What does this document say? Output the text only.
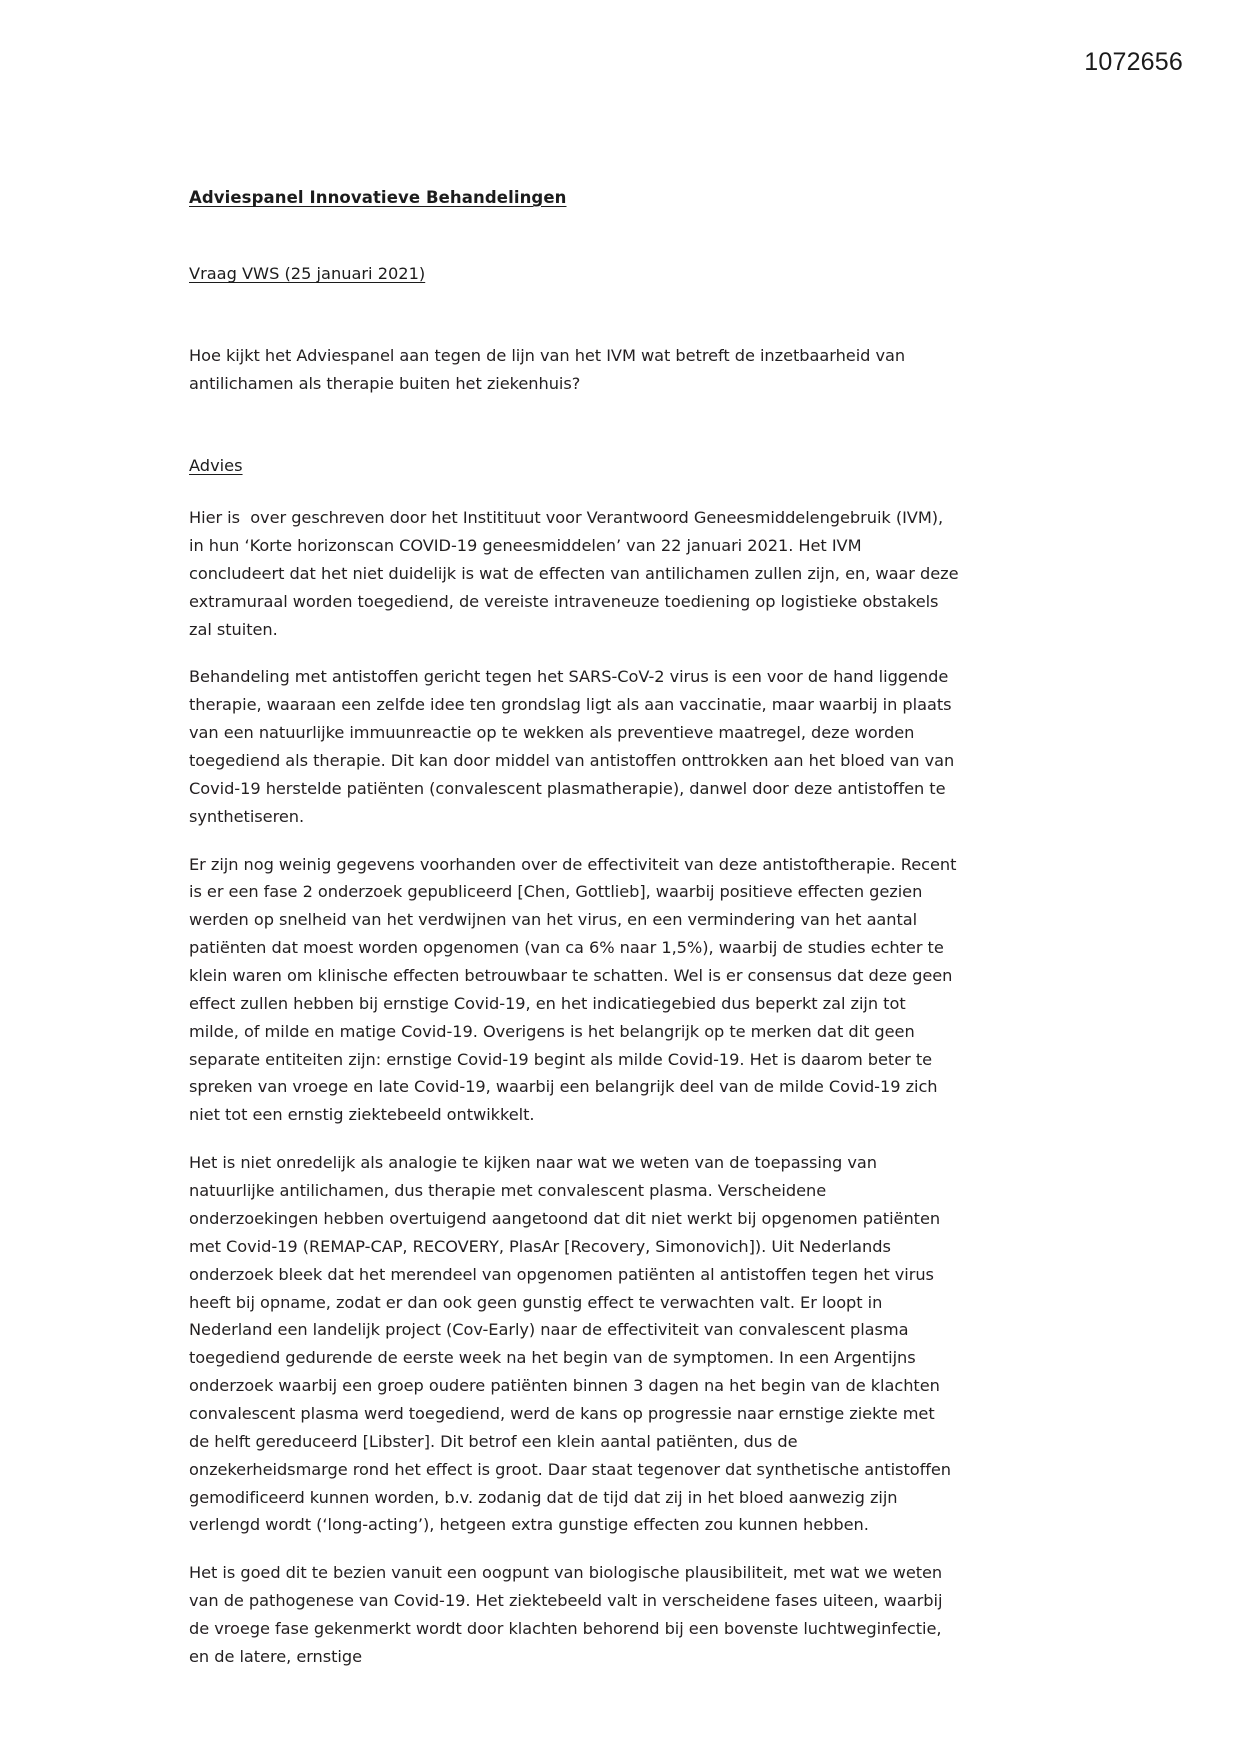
1072656
Adviespanel Innovatieve Behandelingen
Vraag VWS (25 januari 2021)

Hoe kijkt het Adviespanel aan tegen de lijn van het IVM wat betreft de inzetbaarheid van antilichamen als therapie buiten het ziekenhuis?

Advies

Hier is  over geschreven door het Institituut voor Verantwoord Geneesmiddelengebruik (IVM), in hun ‘Korte horizonscan COVID-19 geneesmiddelen’ van 22 januari 2021. Het IVM concludeert dat het niet duidelijk is wat de effecten van antilichamen zullen zijn, en, waar deze extramuraal worden toegediend, de vereiste intraveneuze toediening op logistieke obstakels zal stuiten.

Behandeling met antistoffen gericht tegen het SARS-CoV-2 virus is een voor de hand liggende therapie, waaraan een zelfde idee ten grondslag ligt als aan vaccinatie, maar waarbij in plaats van een natuurlijke immuunreactie op te wekken als preventieve maatregel, deze worden toegediend als therapie. Dit kan door middel van antistoffen onttrokken aan het bloed van van Covid-19 herstelde patiënten (convalescent plasmatherapie), danwel door deze antistoffen te synthetiseren.

Er zijn nog weinig gegevens voorhanden over de effectiviteit van deze antistoftherapie. Recent is er een fase 2 onderzoek gepubliceerd [Chen, Gottlieb], waarbij positieve effecten gezien werden op snelheid van het verdwijnen van het virus, en een vermindering van het aantal patiënten dat moest worden opgenomen (van ca 6% naar 1,5%), waarbij de studies echter te klein waren om klinische effecten betrouwbaar te schatten. Wel is er consensus dat deze geen effect zullen hebben bij ernstige Covid-19, en het indicatiegebied dus beperkt zal zijn tot milde, of milde en matige Covid-19. Overigens is het belangrijk op te merken dat dit geen separate entiteiten zijn: ernstige Covid-19 begint als milde Covid-19. Het is daarom beter te spreken van vroege en late Covid-19, waarbij een belangrijk deel van de milde Covid-19 zich niet tot een ernstig ziektebeeld ontwikkelt.

Het is niet onredelijk als analogie te kijken naar wat we weten van de toepassing van natuurlijke antilichamen, dus therapie met convalescent plasma. Verscheidene onderzoekingen hebben overtuigend aangetoond dat dit niet werkt bij opgenomen patiënten met Covid-19 (REMAP-CAP, RECOVERY, PlasAr [Recovery, Simonovich]). Uit Nederlands onderzoek bleek dat het merendeel van opgenomen patiënten al antistoffen tegen het virus heeft bij opname, zodat er dan ook geen gunstig effect te verwachten valt. Er loopt in Nederland een landelijk project (Cov-Early) naar de effectiviteit van convalescent plasma toegediend gedurende de eerste week na het begin van de symptomen. In een Argentijns onderzoek waarbij een groep oudere patiënten binnen 3 dagen na het begin van de klachten convalescent plasma werd toegediend, werd de kans op progressie naar ernstige ziekte met de helft gereduceerd [Libster]. Dit betrof een klein aantal patiënten, dus de onzekerheidsmarge rond het effect is groot. Daar staat tegenover dat synthetische antistoffen gemodificeerd kunnen worden, b.v. zodanig dat de tijd dat zij in het bloed aanwezig zijn verlengd wordt (‘long-acting’), hetgeen extra gunstige effecten zou kunnen hebben.

Het is goed dit te bezien vanuit een oogpunt van biologische plausibiliteit, met wat we weten van de pathogenese van Covid-19. Het ziektebeeld valt in verscheidene fases uiteen, waarbij de vroege fase gekenmerkt wordt door klachten behorend bij een bovenste luchtweginfectie, en de latere, ernstige
